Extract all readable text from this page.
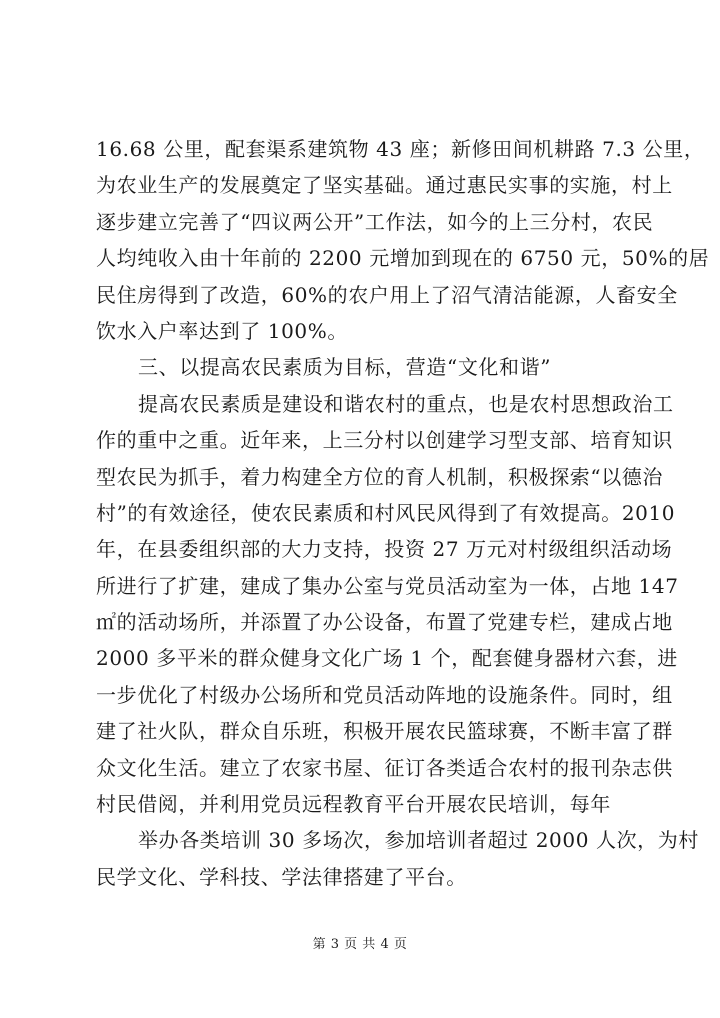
16.68 公里，配套渠系建筑物 43 座；新修田间机耕路 7.3 公里，
为农业生产的发展奠定了坚实基础。通过惠民实事的实施，村上
逐步建立完善了“四议两公开”工作法，如今的上三分村，农民
人均纯收入由十年前的 2200 元增加到现在的 6750 元，50%的居
民住房得到了改造，60%的农户用上了沼气清洁能源，人畜安全
饮水入户率达到了 100%。
三、以提高农民素质为目标，营造“文化和谐”
提高农民素质是建设和谐农村的重点，也是农村思想政治工
作的重中之重。近年来，上三分村以创建学习型支部、培育知识
型农民为抓手，着力构建全方位的育人机制，积极探索“以德治
村”的有效途径，使农民素质和村风民风得到了有效提高。2010
年，在县委组织部的大力支持，投资 27 万元对村级组织活动场
所进行了扩建，建成了集办公室与党员活动室为一体，占地 147
㎡的活动场所，并添置了办公设备，布置了党建专栏，建成占地
2000 多平米的群众健身文化广场 1 个，配套健身器材六套，进
一步优化了村级办公场所和党员活动阵地的设施条件。同时，组
建了社火队，群众自乐班，积极开展农民篮球赛，不断丰富了群
众文化生活。建立了农家书屋、征订各类适合农村的报刊杂志供
村民借阅，并利用党员远程教育平台开展农民培训，每年
举办各类培训 30 多场次，参加培训者超过 2000 人次，为村
民学文化、学科技、学法律搭建了平台。
第 3 页 共 4 页
